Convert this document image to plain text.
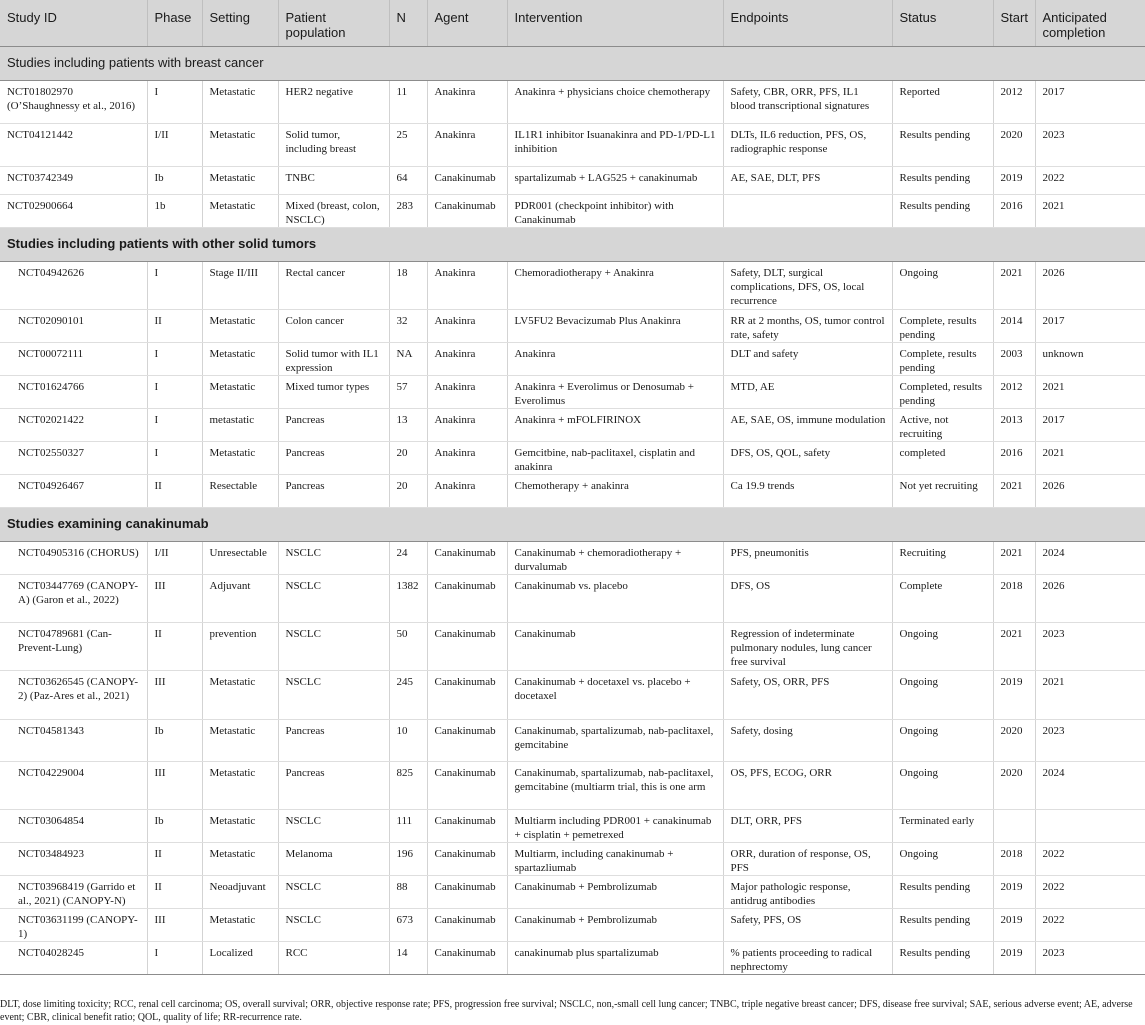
Study ID	Phase	Setting	Patient population	N	Agent	Intervention	Endpoints	Status	Start	Anticipated completion
Studies including patients with breast cancer										
NCT01802970 (O’Shaughnessy et al., 2016)	I	Metastatic	HER2 negative	11	Anakinra	Anakinra + physicians choice chemotherapy	Safety, CBR, ORR, PFS, IL1 blood transcriptional signatures	Reported	2012	2017
NCT04121442	I/II	Metastatic	Solid tumor, including breast	25	Anakinra	IL1R1 inhibitor Isuanakinra and PD-1/PD-L1 inhibition	DLTs, IL6 reduction, PFS, OS, radiographic response	Results pending	2020	2023
NCT03742349	Ib	Metastatic	TNBC	64	Canakinumab	spartalizumab + LAG525 + canakinumab	AE, SAE, DLT, PFS	Results pending	2019	2022
NCT02900664	1b	Metastatic	Mixed (breast, colon, NSCLC)	283	Canakinumab	PDR001 (checkpoint inhibitor) with Canakinumab		Results pending	2016	2021
Studies including patients with other solid tumors										
NCT04942626	I	Stage II/III	Rectal cancer	18	Anakinra	Chemoradiotherapy + Anakinra	Safety, DLT, surgical complications, DFS, OS, local recurrence	Ongoing	2021	2026
NCT02090101	II	Metastatic	Colon cancer	32	Anakinra	LV5FU2 Bevacizumab Plus Anakinra	RR at 2 months, OS, tumor control rate, safety	Complete, results pending	2014	2017
NCT00072111	I	Metastatic	Solid tumor with IL1 expression	NA	Anakinra	Anakinra	DLT and safety	Complete, results pending	2003	unknown
NCT01624766	I	Metastatic	Mixed tumor types	57	Anakinra	Anakinra + Everolimus or Denosumab + Everolimus	MTD, AE	Completed, results pending	2012	2021
NCT02021422	I	metastatic	Pancreas	13	Anakinra	Anakinra + mFOLFIRINOX	AE, SAE, OS, immune modulation	Active, not recruiting	2013	2017
NCT02550327	I	Metastatic	Pancreas	20	Anakinra	Gemcitbine, nab-paclitaxel, cisplatin and anakinra	DFS, OS, QOL, safety	completed	2016	2021
NCT04926467	II	Resectable	Pancreas	20	Anakinra	Chemotherapy + anakinra	Ca 19.9 trends	Not yet recruiting	2021	2026
Studies examining canakinumab										
NCT04905316 (CHORUS)	I/II	Unresectable	NSCLC	24	Canakinumab	Canakinumab + chemoradiotherapy + durvalumab	PFS, pneumonitis	Recruiting	2021	2024
NCT03447769 (CANOPY-A) (Garon et al., 2022)	III	Adjuvant	NSCLC	1382	Canakinumab	Canakinumab vs. placebo	DFS, OS	Complete	2018	2026
NCT04789681 (Can-Prevent-Lung)	II	prevention	NSCLC	50	Canakinumab	Canakinumab	Regression of indeterminate pulmonary nodules, lung cancer free survival	Ongoing	2021	2023
NCT03626545 (CANOPY-2) (Paz-Ares et al., 2021)	III	Metastatic	NSCLC	245	Canakinumab	Canakinumab + docetaxel vs. placebo + docetaxel	Safety, OS, ORR, PFS	Ongoing	2019	2021
NCT04581343	Ib	Metastatic	Pancreas	10	Canakinumab	Canakinumab, spartalizumab, nab-paclitaxel, gemcitabine	Safety, dosing	Ongoing	2020	2023
NCT04229004	III	Metastatic	Pancreas	825	Canakinumab	Canakinumab, spartalizumab, nab-paclitaxel, gemcitabine (multiarm trial, this is one arm	OS, PFS, ECOG, ORR	Ongoing	2020	2024
NCT03064854	Ib	Metastatic	NSCLC	111	Canakinumab	Multiarm including PDR001 + canakinumab + cisplatin + pemetrexed	DLT, ORR, PFS	Terminated early		
NCT03484923	II	Metastatic	Melanoma	196	Canakinumab	Multiarm, including canakinumab + spartazliumab	ORR, duration of response, OS, PFS	Ongoing	2018	2022
NCT03968419 (Garrido et al., 2021) (CANOPY-N)	II	Neoadjuvant	NSCLC	88	Canakinumab	Canakinumab + Pembrolizumab	Major pathologic response, antidrug antibodies	Results pending	2019	2022
NCT03631199 (CANOPY-1)	III	Metastatic	NSCLC	673	Canakinumab	Canakinumab + Pembrolizumab	Safety, PFS, OS	Results pending	2019	2022
NCT04028245	I	Localized	RCC	14	Canakinumab	canakinumab plus spartalizumab	% patients proceeding to radical nephrectomy	Results pending	2019	2023
DLT, dose limiting toxicity; RCC, renal cell carcinoma; OS, overall survival; ORR, objective response rate; PFS, progression free survival; NSCLC, non,-small cell lung cancer; TNBC, triple negative breast cancer; DFS, disease free survival; SAE, serious adverse event; AE, adverse event; CBR, clinical benefit ratio; QOL, quality of life; RR-recurrence rate.
